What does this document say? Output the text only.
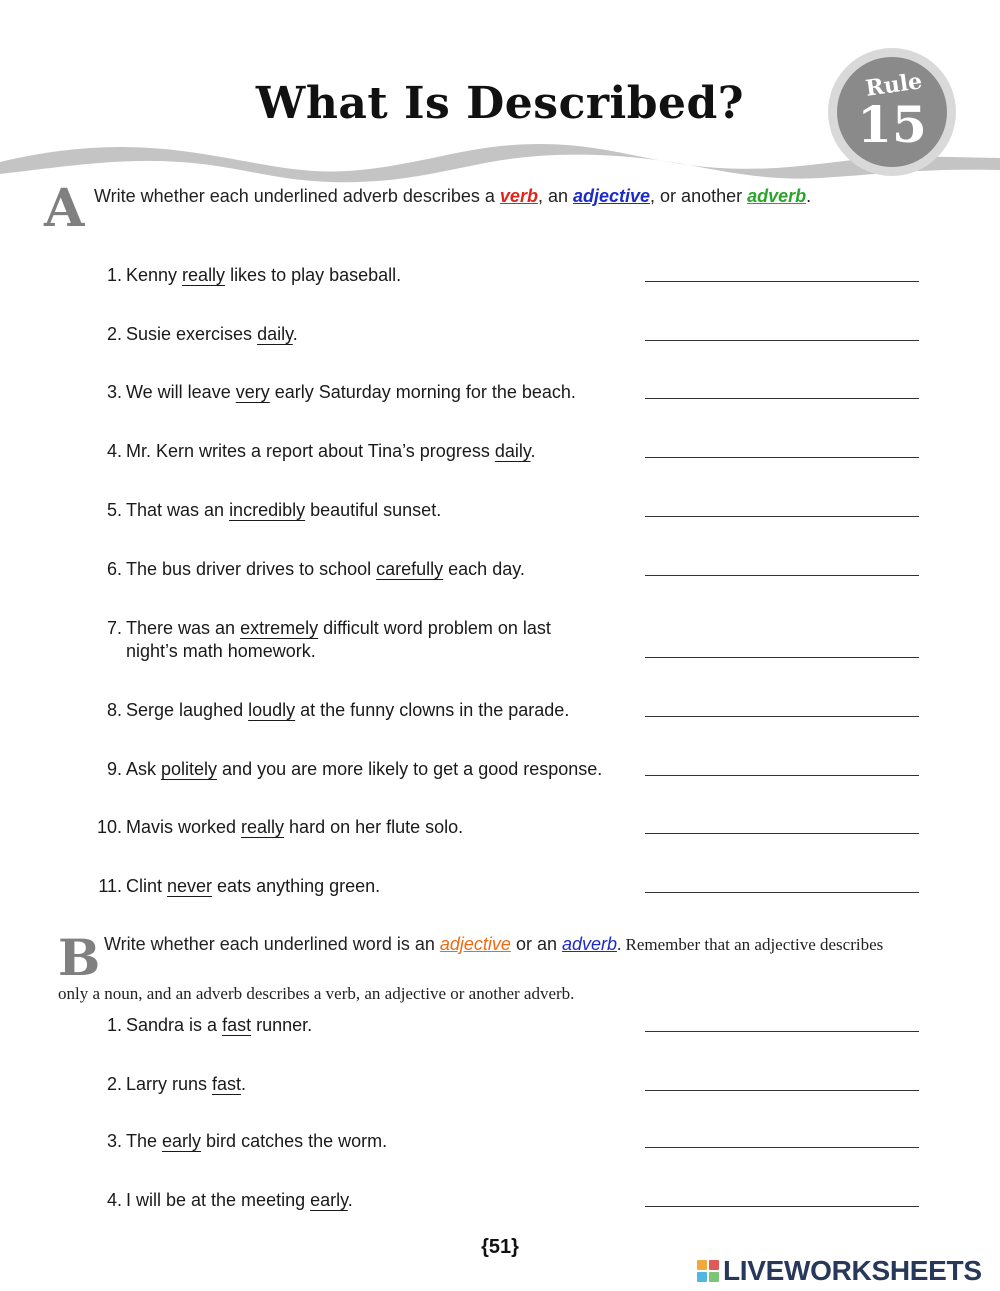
What Is Described?	Rule
15
A Write whether each underlined adverb describes a verb, an adjective, or another adverb.
1. Kenny really likes to play baseball.
2. Susie exercises daily.
3. We will leave very early Saturday morning for the beach.
4. Mr. Kern writes a report about Tina’s progress daily.
5. That was an incredibly beautiful sunset.
6. The bus driver drives to school carefully each day.
7. There was an extremely difficult word problem on last
night’s math homework.
8. Serge laughed loudly at the funny clowns in the parade.
9. Ask politely and you are more likely to get a good response.
10. Mavis worked really hard on her flute solo.
11. Clint never eats anything green.
B Write whether each underlined word is an adjective or an adverb. Remember that an adjective describes
only a noun, and an adverb describes a verb, an adjective or another adverb.
1. Sandra is a fast runner.
2. Larry runs fast.
3. The early bird catches the worm.
4. I will be at the meeting early.
{51}
LIVEWORKSHEETS
